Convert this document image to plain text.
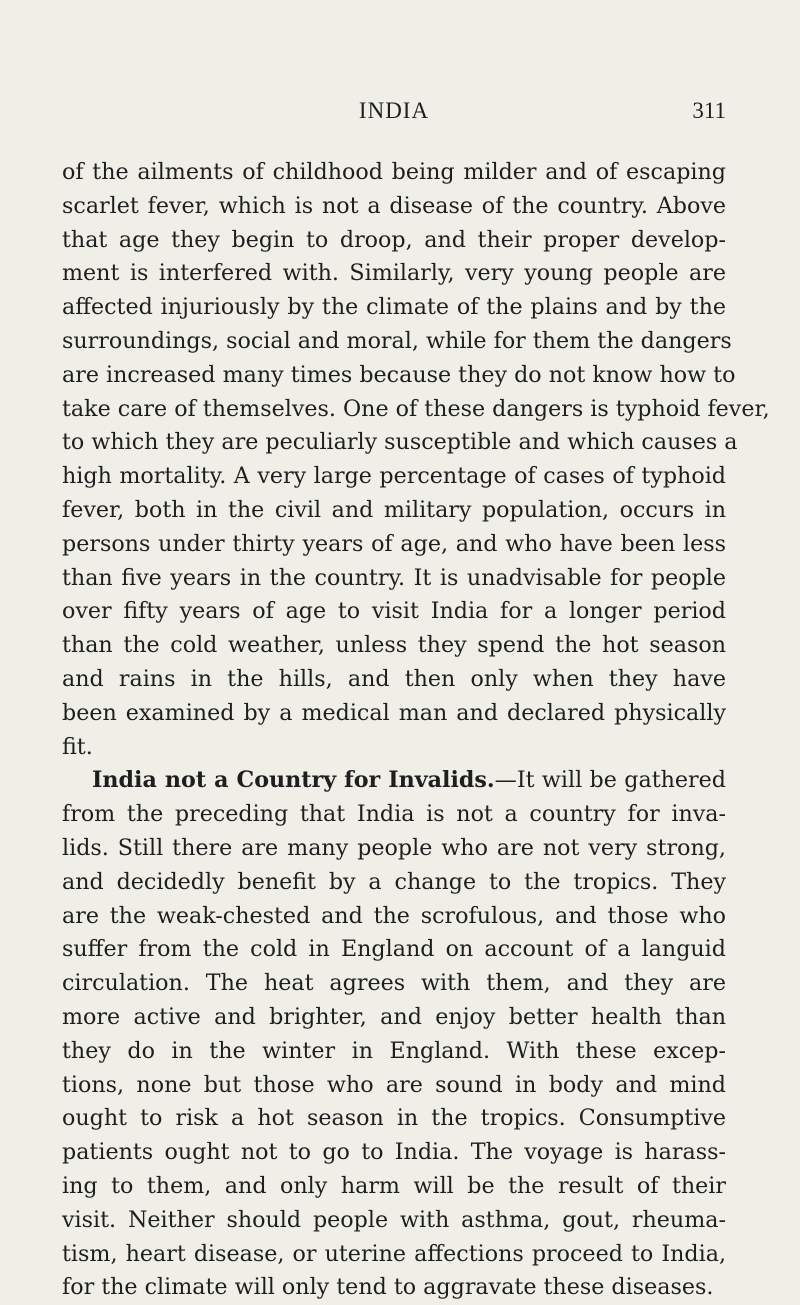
INDIA	311
of the ailments of childhood being milder and of escaping
scarlet fever, which is not a disease of the country. Above
that age they begin to droop, and their proper develop-
ment is interfered with. Similarly, very young people are
affected injuriously by the climate of the plains and by the
surroundings, social and moral, while for them the dangers
are increased many times because they do not know how to
take care of themselves. One of these dangers is typhoid fever,
to which they are peculiarly susceptible and which causes a
high mortality. A very large percentage of cases of typhoid
fever, both in the civil and military population, occurs in
persons under thirty years of age, and who have been less
than five years in the country. It is unadvisable for people
over fifty years of age to visit India for a longer period
than the cold weather, unless they spend the hot season
and rains in the hills, and then only when they have
been examined by a medical man and declared physically
fit.
India not a Country for Invalids.—It will be gathered
from the preceding that India is not a country for inva-
lids. Still there are many people who are not very strong,
and decidedly benefit by a change to the tropics. They
are the weak-chested and the scrofulous, and those who
suffer from the cold in England on account of a languid
circulation. The heat agrees with them, and they are
more active and brighter, and enjoy better health than
they do in the winter in England. With these excep-
tions, none but those who are sound in body and mind
ought to risk a hot season in the tropics. Consumptive
patients ought not to go to India. The voyage is harass-
ing to them, and only harm will be the result of their
visit. Neither should people with asthma, gout, rheuma-
tism, heart disease, or uterine affections proceed to India,
for the climate will only tend to aggravate these diseases.
